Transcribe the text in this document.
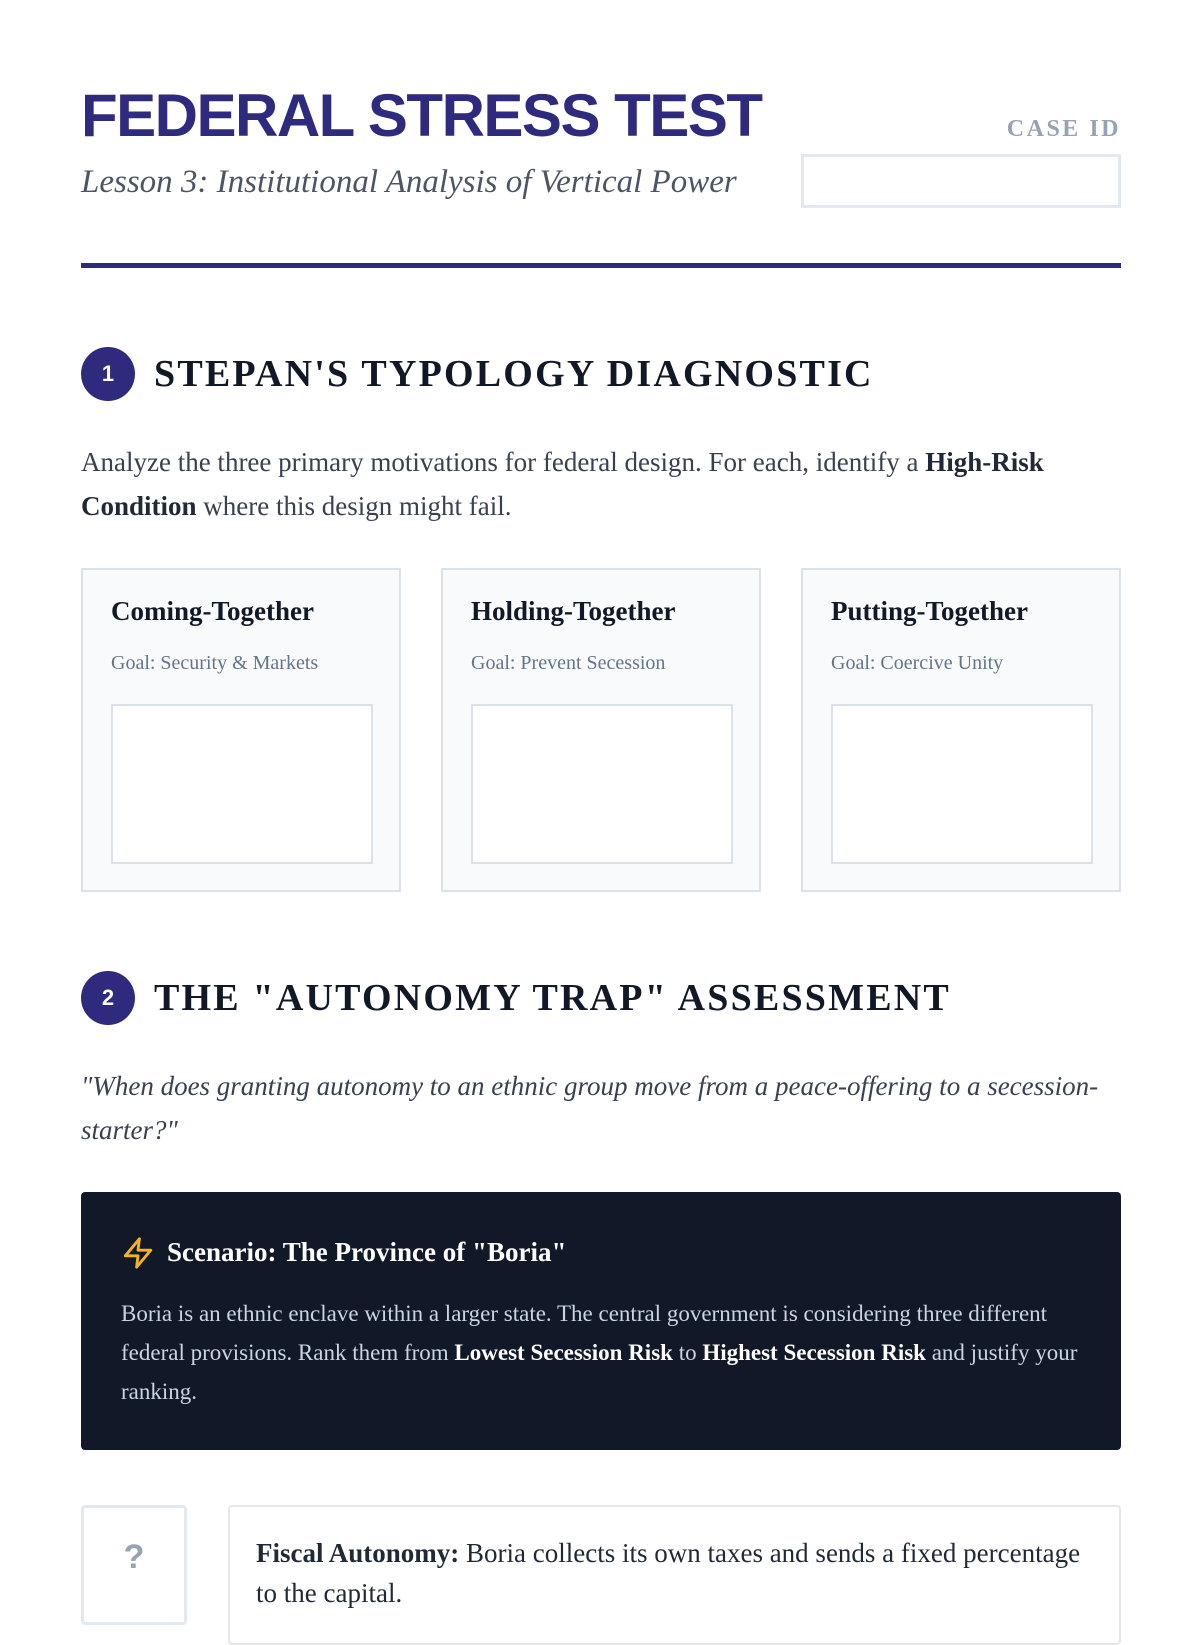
FEDERAL STRESS TEST
Lesson 3: Institutional Analysis of Vertical Power
CASE ID
1	STEPAN'S TYPOLOGY DIAGNOSTIC
Analyze the three primary motivations for federal design. For each, identify a High-Risk Condition where this design might fail.
Coming-Together
Goal: Security & Markets
Holding-Together
Goal: Prevent Secession
Putting-Together
Goal: Coercive Unity
2	THE "AUTONOMY TRAP" ASSESSMENT
"When does granting autonomy to an ethnic group move from a peace-offering to a secession-starter?"
Scenario: The Province of "Boria"
Boria is an ethnic enclave within a larger state. The central government is considering three different federal provisions. Rank them from Lowest Secession Risk to Highest Secession Risk and justify your ranking.
?	Fiscal Autonomy: Boria collects its own taxes and sends a fixed percentage to the capital.
